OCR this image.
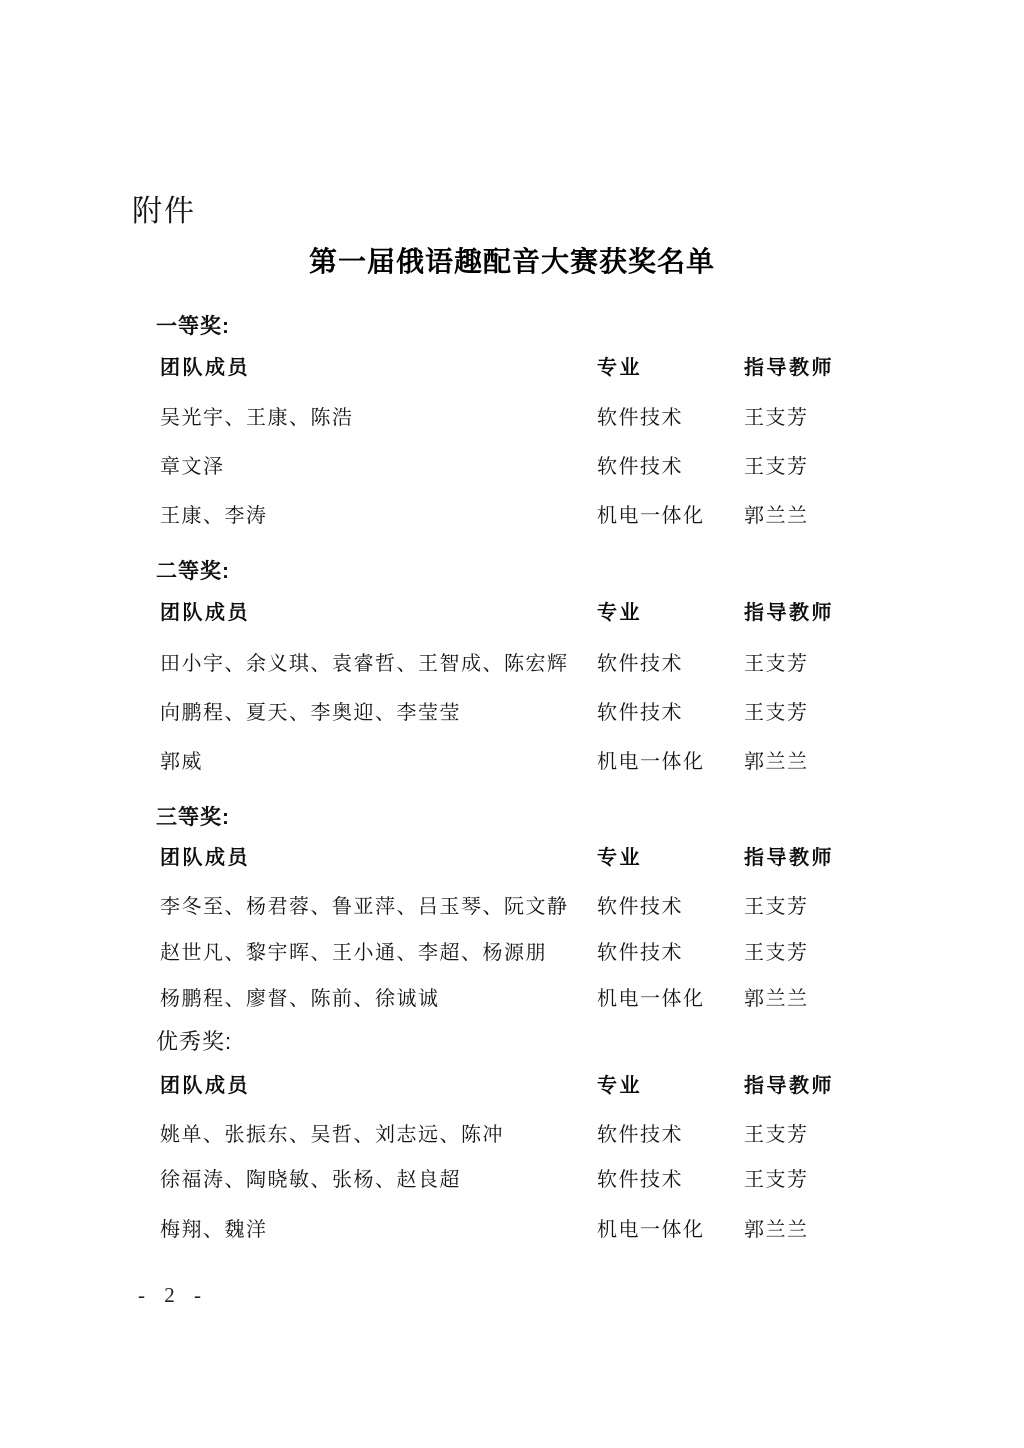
附件
第一届俄语趣配音大赛获奖名单
一等奖:
团队成员	专业	指导教师
吴光宇、王康、陈浩	软件技术	王支芳
章文泽	软件技术	王支芳
王康、李涛	机电一体化 郭兰兰
二等奖:
团队成员	专业	指导教师
田小宇、余义琪、袁睿哲、王智成、陈宏辉 软件技术	王支芳
向鹏程、夏天、李奥迎、李莹莹	软件技术	王支芳
郭威	机电一体化 郭兰兰
三等奖:
团队成员	专业	指导教师
李冬至、杨君蓉、鲁亚萍、吕玉琴、阮文静 软件技术	王支芳
赵世凡、黎宇晖、王小通、李超、杨源朋	软件技术	王支芳
杨鹏程、廖督、陈前、徐诚诚	机电一体化 郭兰兰
优秀奖:
团队成员	专业	指导教师
姚单、张振东、吴哲、刘志远、陈冲	软件技术	王支芳
徐福涛、陶晓敏、张杨、赵良超	软件技术	王支芳
梅翔、魏洋	机电一体化 郭兰兰
- 2 -
